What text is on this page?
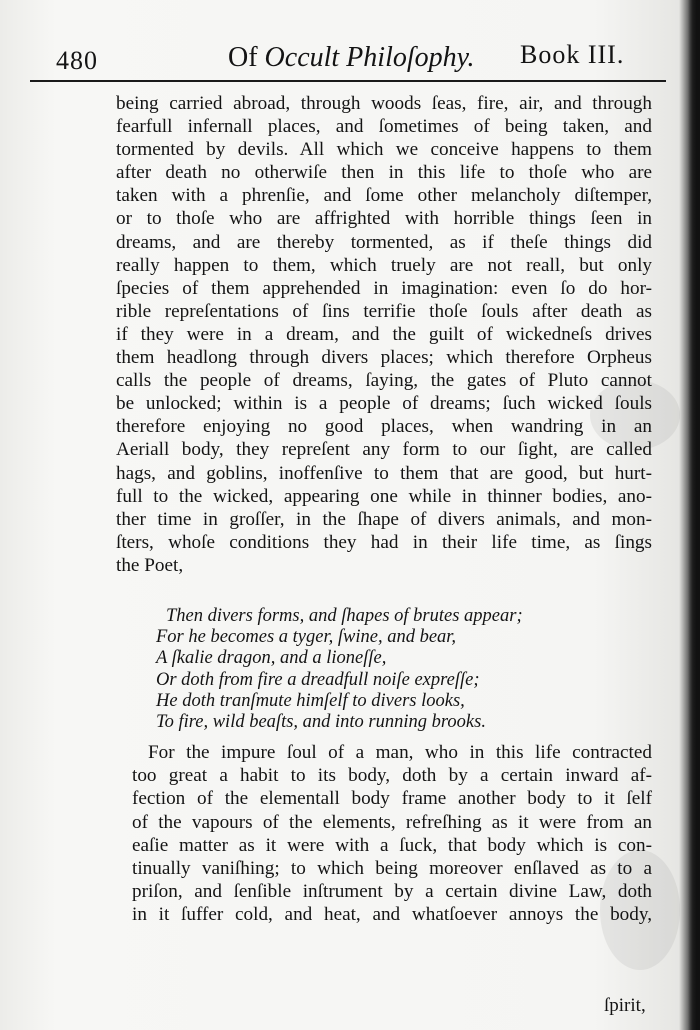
480	Of Occult Philoſophy. Book III.
being carried abroad, through woods ſeas, fire, air, and through
fearfull infernall places, and ſometimes of being taken, and
tormented by devils. All which we conceive happens to them
after death no otherwiſe then in this life to thoſe who are
taken with a phrenſie, and ſome other melancholy diſtemper,
or to thoſe who are affrighted with horrible things ſeen in
dreams, and are thereby tormented, as if theſe things did
really happen to them, which truely are not reall, but only
ſpecies of them apprehended in imagination: even ſo do hor-
rible repreſentations of ſins terrifie thoſe ſouls after death as
if they were in a dream, and the guilt of wickedneſs drives
them headlong through divers places; which therefore Orpheus
calls the people of dreams, ſaying, the gates of Pluto cannot
be unlocked; within is a people of dreams; ſuch wicked ſouls
therefore enjoying no good places, when wandring in an
Aeriall body, they repreſent any form to our ſight, are called
hags, and goblins, inoffenſive to them that are good, but hurt-
full to the wicked, appearing one while in thinner bodies, ano-
ther time in groſſer, in the ſhape of divers animals, and mon-
ſters, whoſe conditions they had in their life time, as ſings
the Poet,
Then divers forms, and ſhapes of brutes appear;
For he becomes a tyger, ſwine, and bear,
A ſkalie dragon, and a lioneſſe,
Or doth from fire a dreadfull noiſe expreſſe;
He doth tranſmute himſelf to divers looks,
To fire, wild beaſts, and into running brooks.
For the impure ſoul of a man, who in this life contracted
too great a habit to its body, doth by a certain inward af-
fection of the elementall body frame another body to it ſelf
of the vapours of the elements, refreſhing as it were from an
eaſie matter as it were with a ſuck, that body which is con-
tinually vaniſhing; to which being moreover enſlaved as to a
priſon, and ſenſible inſtrument by a certain divine Law, doth
in it ſuffer cold, and heat, and whatſoever annoys the body,
ſpirit,
